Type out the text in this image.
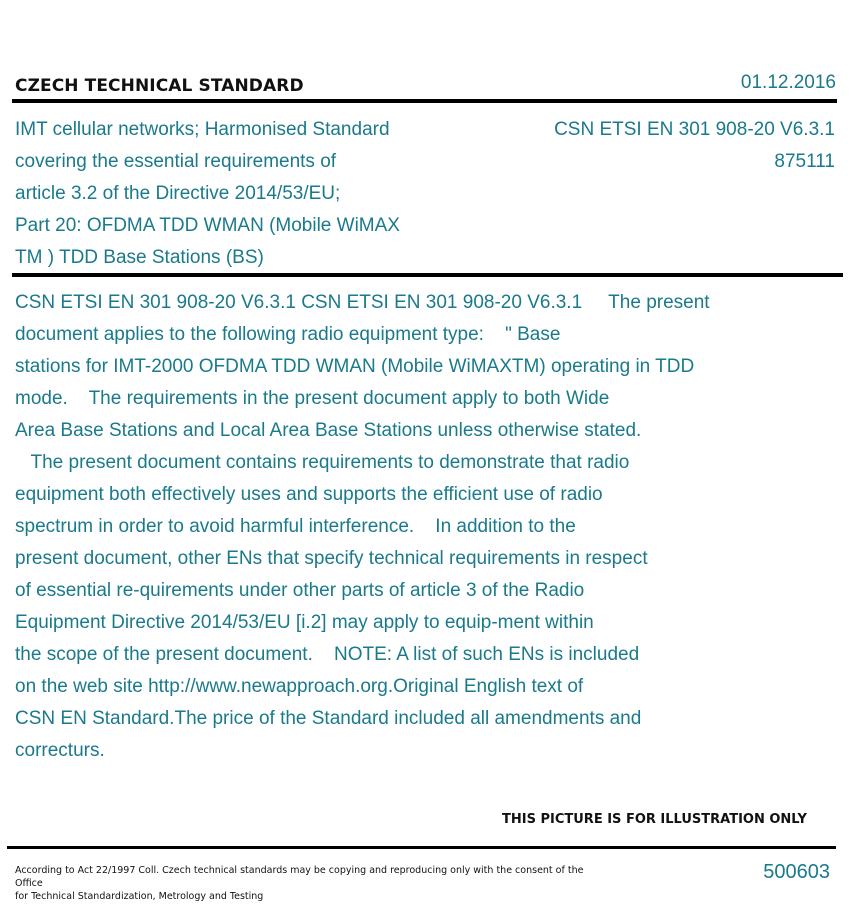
CZECH TECHNICAL STANDARD	01.12.2016
IMT cellular networks; Harmonised Standard
covering the essential requirements of
article 3.2 of the Directive 2014/53/EU;
Part 20: OFDMA TDD WMAN (Mobile WiMAX
TM ) TDD Base Stations (BS)
CSN ETSI EN 301 908-20 V6.3.1
875111
CSN ETSI EN 301 908-20 V6.3.1 CSN ETSI EN 301 908-20 V6.3.1     The present
document applies to the following radio equipment type:    " Base
stations for IMT-2000 OFDMA TDD WMAN (Mobile WiMAXTM) operating in TDD
mode.    The requirements in the present document apply to both Wide
Area Base Stations and Local Area Base Stations unless otherwise stated.
The present document contains requirements to demonstrate that radio
equipment both effectively uses and supports the efficient use of radio
spectrum in order to avoid harmful interference.    In addition to the
present document, other ENs that specify technical requirements in respect
of essential re-quirements under other parts of article 3 of the Radio
Equipment Directive 2014/53/EU [i.2] may apply to equip-ment within
the scope of the present document.    NOTE: A list of such ENs is included
on the web site http://www.newapproach.org.Original English text of
CSN EN Standard.The price of the Standard included all amendments and
correcturs.
THIS PICTURE IS FOR ILLUSTRATION ONLY
According to Act 22/1997 Coll. Czech technical standards may be copying and reproducing only with the consent of the Office
for Technical Standardization, Metrology and Testing
500603
